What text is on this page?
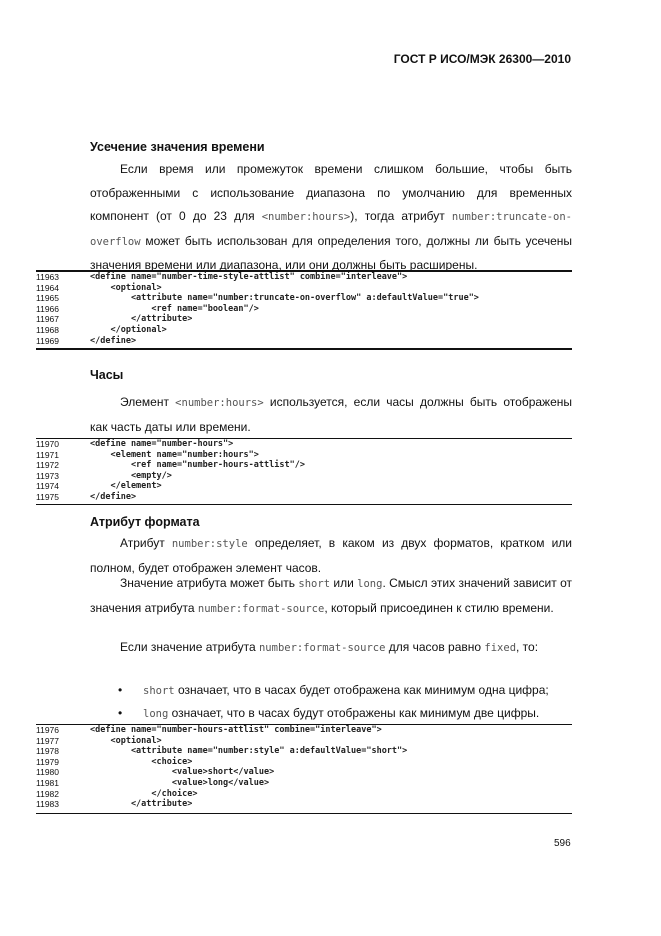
ГОСТ Р ИСО/МЭК 26300—2010
Усечение значения времени

Если время или промежуток времени слишком большие, чтобы быть отображенными с использование диапазона по умолчанию для временных компонент (от 0 до 23 для <number:hours>), тогда атрибут number:truncate-on-overflow может быть использован для определения того, должны ли быть усечены значения времени или диапазона, или они должны быть расширены.

11963	<define name="number-time-style-attlist" combine="interleave">
11964	<optional>
11965	<attribute name="number:truncate-on-overflow" a:defaultValue="true">
11966	<ref name="boolean"/>
11967	</attribute>
11968	</optional>
11969	</define>
Часы

Элемент <number:hours> используется, если часы должны быть отображены как часть даты или времени.

11970	<define name="number-hours">
11971	<element name="number:hours">
11972	<ref name="number-hours-attlist"/>
11973	<empty/>
11974	</element>
11975	</define>
Атрибут формата

Атрибут number:style определяет, в каком из двух форматов, кратком или полном, будет отображен элемент часов.

Значение атрибута может быть short или long. Смысл этих значений зависит от значения атрибута number:format-source, который присоединен к стилю времени.

Если значение атрибута number:format-source для часов равно fixed, то:

• short означает, что в часах будет отображена как минимум одна цифра;
• long означает, что в часах будут отображены как минимум две цифры.
11976	<define name="number-hours-attlist" combine="interleave">
11977	<optional>
11978	<attribute name="number:style" a:defaultValue="short">
11979	<choice>
11980	<value>short</value>
11981	<value>long</value>
11982	</choice>
11983	</attribute>
596
